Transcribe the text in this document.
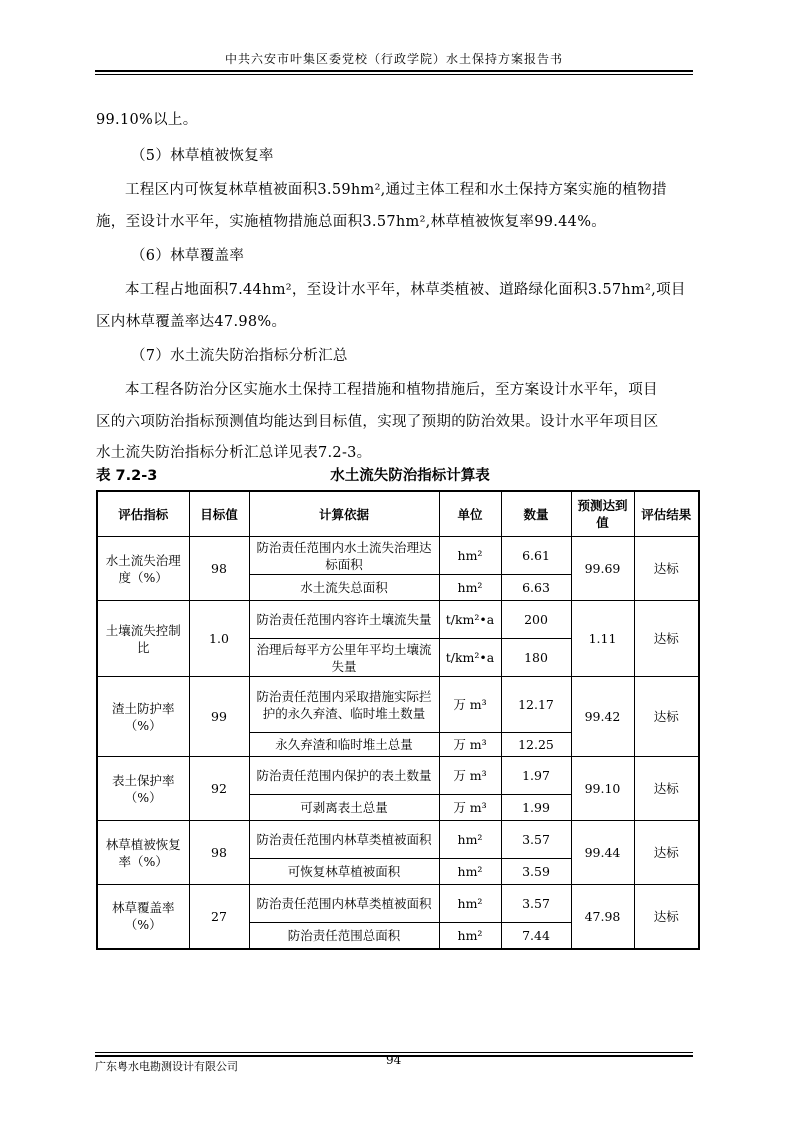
中共六安市叶集区委党校（行政学院）水土保持方案报告书
99.10%以上。
（5）林草植被恢复率
工程区内可恢复林草植被面积3.59hm²,通过主体工程和水土保持方案实施的植物措
施，至设计水平年，实施植物措施总面积3.57hm²,林草植被恢复率99.44%。
（6）林草覆盖率
本工程占地面积7.44hm²，至设计水平年，林草类植被、道路绿化面积3.57hm²,项目
区内林草覆盖率达47.98%。
（7）水土流失防治指标分析汇总
本工程各防治分区实施水土保持工程措施和植物措施后，至方案设计水平年，项目
区的六项防治指标预测值均能达到目标值，实现了预期的防治效果。设计水平年项目区
水土流失防治指标分析汇总详见表7.2-3。
表 7.2-3	水土流失防治指标计算表
评估指标	目标值	计算依据	单位	数量	预测达到值	评估结果
水土流失治理度（%）	98	防治责任范围内水土流失治理达标面积	hm²	6.61	99.69	达标
		水土流失总面积	hm²	6.63		
土壤流失控制比	1.0	防治责任范围内容许土壤流失量	t/km²•a	200	1.11	达标
		治理后每平方公里年平均土壤流失量	t/km²•a	180		
渣土防护率（%）	99	防治责任范围内采取措施实际拦护的永久弃渣、临时堆土数量	万 m³	12.17	99.42	达标
		永久弃渣和临时堆土总量	万 m³	12.25		
表土保护率（%）	92	防治责任范围内保护的表土数量	万 m³	1.97	99.10	达标
		可剥离表土总量	万 m³	1.99		
林草植被恢复率（%）	98	防治责任范围内林草类植被面积	hm²	3.57	99.44	达标
		可恢复林草植被面积	hm²	3.59		
林草覆盖率（%）	27	防治责任范围内林草类植被面积	hm²	3.57	47.98	达标
		防治责任范围总面积	hm²	7.44		
广东粤水电勘测设计有限公司	94
